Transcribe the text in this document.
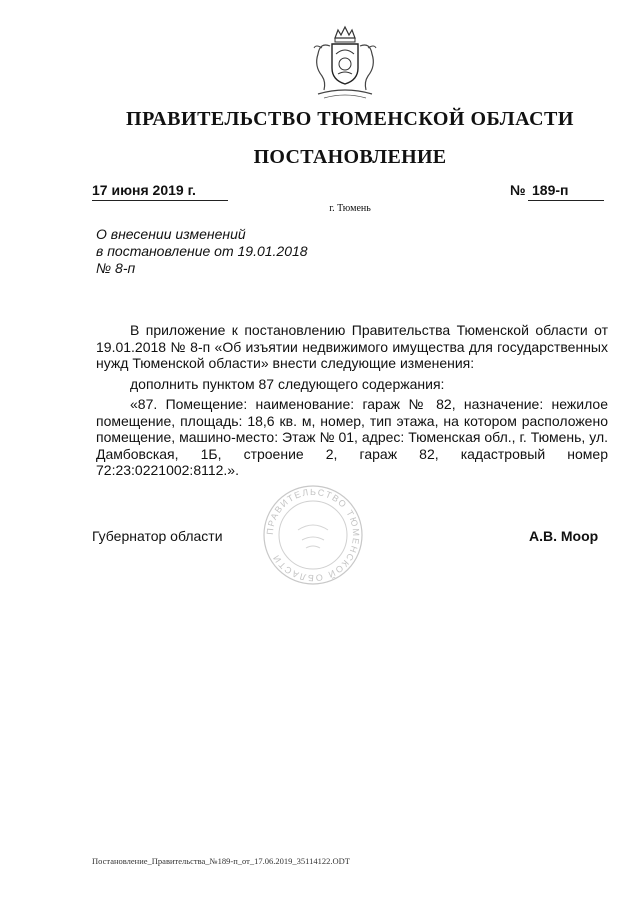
ПРАВИТЕЛЬСТВО ТЮМЕНСКОЙ ОБЛАСТИ
ПОСТАНОВЛЕНИЕ
17 июня 2019 г.	№ 189-п
г. Тюмень
О внесении изменений
в постановление от 19.01.2018
№ 8-п

В приложение к постановлению Правительства Тюменской области от 19.01.2018 № 8-п «Об изъятии недвижимого имущества для государственных нужд Тюменской области» внести следующие изменения:

дополнить пунктом 87 следующего содержания:

«87. Помещение: наименование: гараж № 82, назначение: нежилое помещение, площадь: 18,6 кв. м, номер, тип этажа, на котором расположено помещение, машино-место: Этаж № 01, адрес: Тюменская обл., г. Тюмень, ул. Дамбовская, 1Б, строение 2, гараж 82, кадастровый номер 72:23:0221002:8112.».

Губернатор области	ПРАВИТЕЛЬСТВО ТЮМЕНСКОЙ ОБЛАСТИ
А.В. Моор
Постановление_Правительства_№189-п_от_17.06.2019_35114122.ODT
